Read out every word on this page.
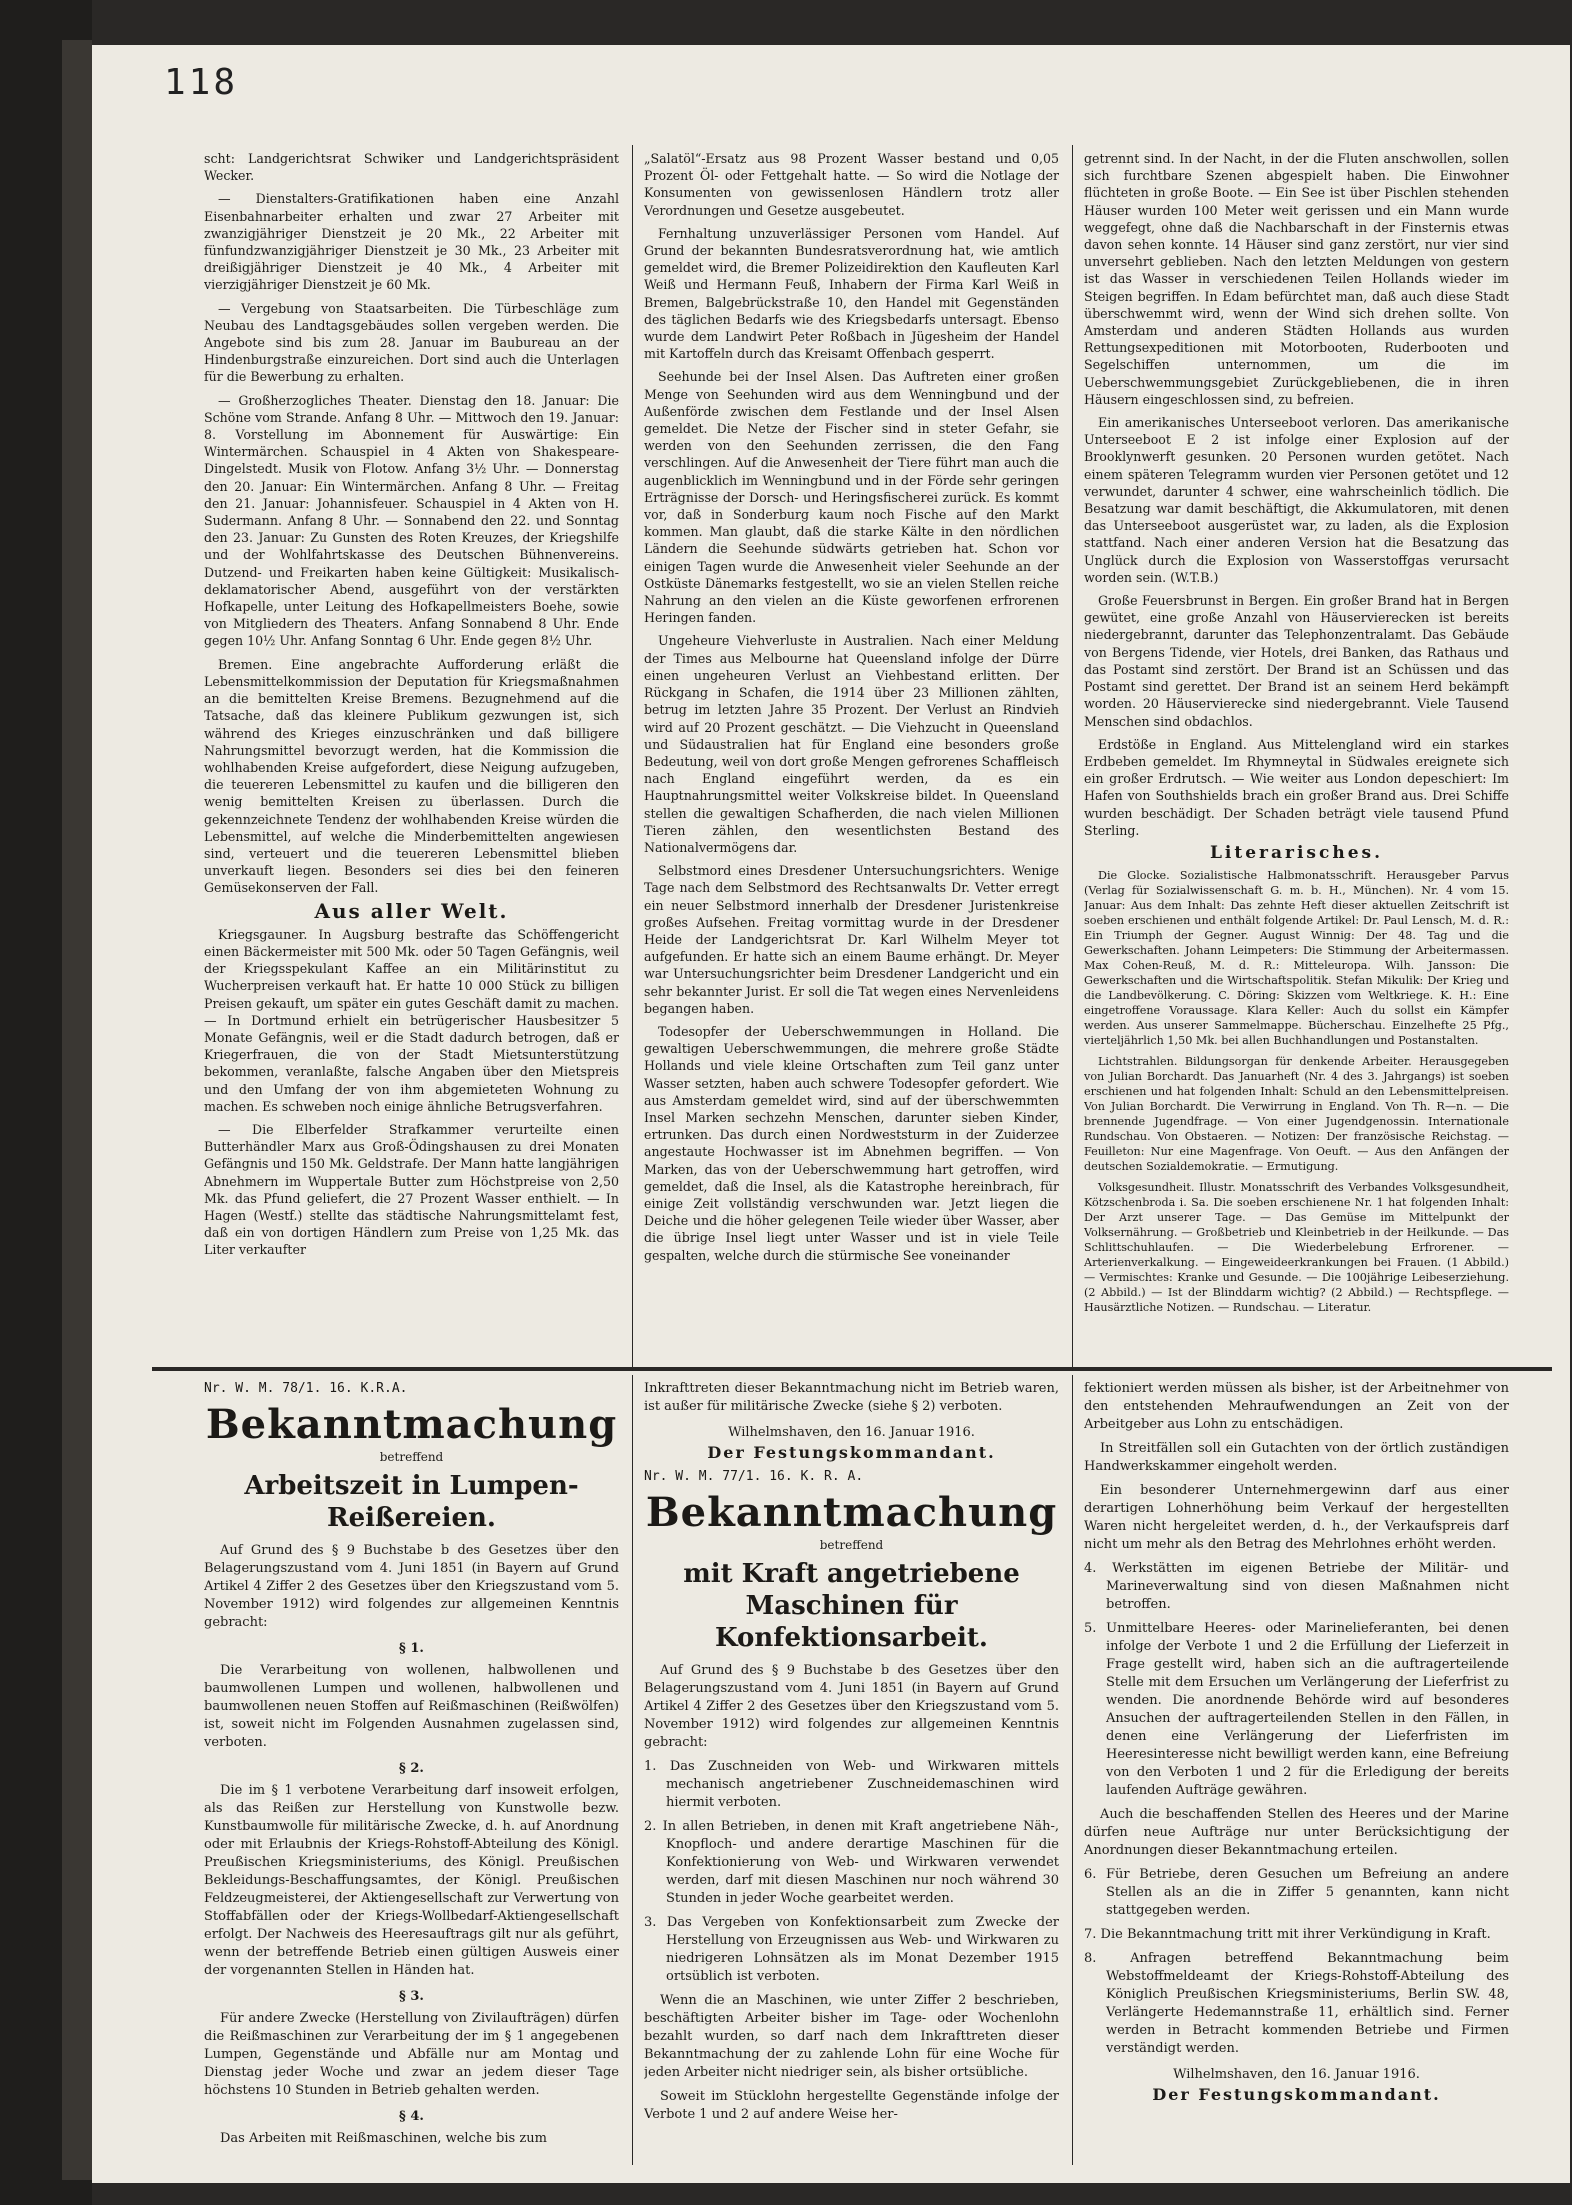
118

scht: Landgerichtsrat Schwiker und Landgerichtspräsident Wecker.

— Dienstalters-Gratifikationen haben eine Anzahl Eisenbahnarbeiter erhalten und zwar 27 Arbeiter mit zwanzigjähriger Dienstzeit je 20 Mk., 22 Arbeiter mit fünfundzwanzigjähriger Dienstzeit je 30 Mk., 23 Arbeiter mit dreißigjähriger Dienstzeit je 40 Mk., 4 Arbeiter mit vierzigjähriger Dienstzeit je 60 Mk.

— Vergebung von Staatsarbeiten. Die Türbeschläge zum Neubau des Landtagsgebäudes sollen vergeben werden. Die Angebote sind bis zum 28. Januar im Baubureau an der Hindenburgstraße einzureichen. Dort sind auch die Unterlagen für die Bewerbung zu erhalten.

— Großherzogliches Theater. Dienstag den 18. Januar: Die Schöne vom Strande. Anfang 8 Uhr. — Mittwoch den 19. Januar: 8. Vorstellung im Abonnement für Auswärtige: Ein Wintermärchen. Schauspiel in 4 Akten von Shakespeare-Dingelstedt. Musik von Flotow. Anfang 3½ Uhr. — Donnerstag den 20. Januar: Ein Wintermärchen. Anfang 8 Uhr. — Freitag den 21. Januar: Johannisfeuer. Schauspiel in 4 Akten von H. Sudermann. Anfang 8 Uhr. — Sonnabend den 22. und Sonntag den 23. Januar: Zu Gunsten des Roten Kreuzes, der Kriegshilfe und der Wohlfahrtskasse des Deutschen Bühnenvereins. Dutzend- und Freikarten haben keine Gültigkeit: Musikalisch-deklamatorischer Abend, ausgeführt von der verstärkten Hofkapelle, unter Leitung des Hofkapellmeisters Boehe, sowie von Mitgliedern des Theaters. Anfang Sonnabend 8 Uhr. Ende gegen 10½ Uhr. Anfang Sonntag 6 Uhr. Ende gegen 8½ Uhr.

Bremen. Eine angebrachte Aufforderung erläßt die Lebensmittelkommission der Deputation für Kriegsmaßnahmen an die bemittelten Kreise Bremens. Bezugnehmend auf die Tatsache, daß das kleinere Publikum gezwungen ist, sich während des Krieges einzuschränken und daß billigere Nahrungsmittel bevorzugt werden, hat die Kommission die wohlhabenden Kreise aufgefordert, diese Neigung aufzugeben, die teuereren Lebensmittel zu kaufen und die billigeren den wenig bemittelten Kreisen zu überlassen. Durch die gekennzeichnete Tendenz der wohlhabenden Kreise würden die Lebensmittel, auf welche die Minderbemittelten angewiesen sind, verteuert und die teuereren Lebensmittel blieben unverkauft liegen. Besonders sei dies bei den feineren Gemüsekonserven der Fall.

Aus aller Welt.

Kriegsgauner. In Augsburg bestrafte das Schöffengericht einen Bäckermeister mit 500 Mk. oder 50 Tagen Gefängnis, weil der Kriegsspekulant Kaffee an ein Militärinstitut zu Wucherpreisen verkauft hat. Er hatte 10 000 Stück zu billigen Preisen gekauft, um später ein gutes Geschäft damit zu machen. — In Dortmund erhielt ein betrügerischer Hausbesitzer 5 Monate Gefängnis, weil er die Stadt dadurch betrogen, daß er Kriegerfrauen, die von der Stadt Mietsunterstützung bekommen, veranlaßte, falsche Angaben über den Mietspreis und den Umfang der von ihm abgemieteten Wohnung zu machen. Es schweben noch einige ähnliche Betrugsverfahren.

— Die Elberfelder Strafkammer verurteilte einen Butterhändler Marx aus Groß-Ödingshausen zu drei Monaten Gefängnis und 150 Mk. Geldstrafe. Der Mann hatte langjährigen Abnehmern im Wuppertale Butter zum Höchstpreise von 2,50 Mk. das Pfund geliefert, die 27 Prozent Wasser enthielt. — In Hagen (Westf.) stellte das städtische Nahrungsmittelamt fest, daß ein von dortigen Händlern zum Preise von 1,25 Mk. das Liter verkaufter

„Salatöl“-Ersatz aus 98 Prozent Wasser bestand und 0,05 Prozent Öl- oder Fettgehalt hatte. — So wird die Notlage der Konsumenten von gewissenlosen Händlern trotz aller Verordnungen und Gesetze ausgebeutet.

Fernhaltung unzuverlässiger Personen vom Handel. Auf Grund der bekannten Bundesratsverordnung hat, wie amtlich gemeldet wird, die Bremer Polizeidirektion den Kaufleuten Karl Weiß und Hermann Feuß, Inhabern der Firma Karl Weiß in Bremen, Balgebrückstraße 10, den Handel mit Gegenständen des täglichen Bedarfs wie des Kriegsbedarfs untersagt. Ebenso wurde dem Landwirt Peter Roßbach in Jügesheim der Handel mit Kartoffeln durch das Kreisamt Offenbach gesperrt.

Seehunde bei der Insel Alsen. Das Auftreten einer großen Menge von Seehunden wird aus dem Wenningbund und der Außenförde zwischen dem Festlande und der Insel Alsen gemeldet. Die Netze der Fischer sind in steter Gefahr, sie werden von den Seehunden zerrissen, die den Fang verschlingen. Auf die Anwesenheit der Tiere führt man auch die augenblicklich im Wenningbund und in der Förde sehr geringen Erträgnisse der Dorsch- und Heringsfischerei zurück. Es kommt vor, daß in Sonderburg kaum noch Fische auf den Markt kommen. Man glaubt, daß die starke Kälte in den nördlichen Ländern die Seehunde südwärts getrieben hat. Schon vor einigen Tagen wurde die Anwesenheit vieler Seehunde an der Ostküste Dänemarks festgestellt, wo sie an vielen Stellen reiche Nahrung an den vielen an die Küste geworfenen erfrorenen Heringen fanden.

Ungeheure Viehverluste in Australien. Nach einer Meldung der Times aus Melbourne hat Queensland infolge der Dürre einen ungeheuren Verlust an Viehbestand erlitten. Der Rückgang in Schafen, die 1914 über 23 Millionen zählten, betrug im letzten Jahre 35 Prozent. Der Verlust an Rindvieh wird auf 20 Prozent geschätzt. — Die Viehzucht in Queensland und Südaustralien hat für England eine besonders große Bedeutung, weil von dort große Mengen gefrorenes Schaffleisch nach England eingeführt werden, da es ein Hauptnahrungsmittel weiter Volkskreise bildet. In Queensland stellen die gewaltigen Schafherden, die nach vielen Millionen Tieren zählen, den wesentlichsten Bestand des Nationalvermögens dar.

Selbstmord eines Dresdener Untersuchungsrichters. Wenige Tage nach dem Selbstmord des Rechtsanwalts Dr. Vetter erregt ein neuer Selbstmord innerhalb der Dresdener Juristenkreise großes Aufsehen. Freitag vormittag wurde in der Dresdener Heide der Landgerichtsrat Dr. Karl Wilhelm Meyer tot aufgefunden. Er hatte sich an einem Baume erhängt. Dr. Meyer war Untersuchungsrichter beim Dresdener Landgericht und ein sehr bekannter Jurist. Er soll die Tat wegen eines Nervenleidens begangen haben.

Todesopfer der Ueberschwemmungen in Holland. Die gewaltigen Ueberschwemmungen, die mehrere große Städte Hollands und viele kleine Ortschaften zum Teil ganz unter Wasser setzten, haben auch schwere Todesopfer gefordert. Wie aus Amsterdam gemeldet wird, sind auf der überschwemmten Insel Marken sechzehn Menschen, darunter sieben Kinder, ertrunken. Das durch einen Nordweststurm in der Zuiderzee angestaute Hochwasser ist im Abnehmen begriffen. — Von Marken, das von der Ueberschwemmung hart getroffen, wird gemeldet, daß die Insel, als die Katastrophe hereinbrach, für einige Zeit vollständig verschwunden war. Jetzt liegen die Deiche und die höher gelegenen Teile wieder über Wasser, aber die übrige Insel liegt unter Wasser und ist in viele Teile gespalten, welche durch die stürmische See voneinander

getrennt sind. In der Nacht, in der die Fluten anschwollen, sollen sich furchtbare Szenen abgespielt haben. Die Einwohner flüchteten in große Boote. — Ein See ist über Pischlen stehenden Häuser wurden 100 Meter weit gerissen und ein Mann wurde weggefegt, ohne daß die Nachbarschaft in der Finsternis etwas davon sehen konnte. 14 Häuser sind ganz zerstört, nur vier sind unversehrt geblieben. Nach den letzten Meldungen von gestern ist das Wasser in verschiedenen Teilen Hollands wieder im Steigen begriffen. In Edam befürchtet man, daß auch diese Stadt überschwemmt wird, wenn der Wind sich drehen sollte. Von Amsterdam und anderen Städten Hollands aus wurden Rettungsexpeditionen mit Motorbooten, Ruderbooten und Segelschiffen unternommen, um die im Ueberschwemmungsgebiet Zurückgebliebenen, die in ihren Häusern eingeschlossen sind, zu befreien.

Ein amerikanisches Unterseeboot verloren. Das amerikanische Unterseeboot E 2 ist infolge einer Explosion auf der Brooklynwerft gesunken. 20 Personen wurden getötet. Nach einem späteren Telegramm wurden vier Personen getötet und 12 verwundet, darunter 4 schwer, eine wahrscheinlich tödlich. Die Besatzung war damit beschäftigt, die Akkumulatoren, mit denen das Unterseeboot ausgerüstet war, zu laden, als die Explosion stattfand. Nach einer anderen Version hat die Besatzung das Unglück durch die Explosion von Wasserstoffgas verursacht worden sein. (W.T.B.)

Große Feuersbrunst in Bergen. Ein großer Brand hat in Bergen gewütet, eine große Anzahl von Häuservierecken ist bereits niedergebrannt, darunter das Telephonzentralamt. Das Gebäude von Bergens Tidende, vier Hotels, drei Banken, das Rathaus und das Postamt sind zerstört. Der Brand ist an Schüssen und das Postamt sind gerettet. Der Brand ist an seinem Herd bekämpft worden. 20 Häuservierecke sind niedergebrannt. Viele Tausend Menschen sind obdachlos.

Erdstöße in England. Aus Mittelengland wird ein starkes Erdbeben gemeldet. Im Rhymneytal in Südwales ereignete sich ein großer Erdrutsch. — Wie weiter aus London depeschiert: Im Hafen von Southshields brach ein großer Brand aus. Drei Schiffe wurden beschädigt. Der Schaden beträgt viele tausend Pfund Sterling.

Literarisches.

Die Glocke. Sozialistische Halbmonatsschrift. Herausgeber Parvus (Verlag für Sozialwissenschaft G. m. b. H., München). Nr. 4 vom 15. Januar: Aus dem Inhalt: Das zehnte Heft dieser aktuellen Zeitschrift ist soeben erschienen und enthält folgende Artikel: Dr. Paul Lensch, M. d. R.: Ein Triumph der Gegner. August Winnig: Der 48. Tag und die Gewerkschaften. Johann Leimpeters: Die Stimmung der Arbeitermassen. Max Cohen-Reuß, M. d. R.: Mitteleuropa. Wilh. Jansson: Die Gewerkschaften und die Wirtschaftspolitik. Stefan Mikulik: Der Krieg und die Landbevölkerung. C. Döring: Skizzen vom Weltkriege. K. H.: Eine eingetroffene Voraussage. Klara Keller: Auch du sollst ein Kämpfer werden. Aus unserer Sammelmappe. Bücherschau. Einzelhefte 25 Pfg., vierteljährlich 1,50 Mk. bei allen Buchhandlungen und Postanstalten.

Lichtstrahlen. Bildungsorgan für denkende Arbeiter. Herausgegeben von Julian Borchardt. Das Januarheft (Nr. 4 des 3. Jahrgangs) ist soeben erschienen und hat folgenden Inhalt: Schuld an den Lebensmittelpreisen. Von Julian Borchardt. Die Verwirrung in England. Von Th. R—n. — Die brennende Jugendfrage. — Von einer Jugendgenossin. Internationale Rundschau. Von Obstaeren. — Notizen: Der französische Reichstag. — Feuilleton: Nur eine Magenfrage. Von Oeuft. — Aus den Anfängen der deutschen Sozialdemokratie. — Ermutigung.

Volksgesundheit. Illustr. Monatsschrift des Verbandes Volksgesundheit, Kötzschenbroda i. Sa. Die soeben erschienene Nr. 1 hat folgenden Inhalt: Der Arzt unserer Tage. — Das Gemüse im Mittelpunkt der Volksernährung. — Großbetrieb und Kleinbetrieb in der Heilkunde. — Das Schlittschuhlaufen. — Die Wiederbelebung Erfrorener. — Arterienverkalkung. — Eingeweideerkrankungen bei Frauen. (1 Abbild.) — Vermischtes: Kranke und Gesunde. — Die 100jährige Leibeserziehung. (2 Abbild.) — Ist der Blinddarm wichtig? (2 Abbild.) — Rechtspflege. — Hausärztliche Notizen. — Rundschau. — Literatur.

Nr. W. M. 78/1. 16. K.R.A.
Bekanntmachung
betreffend
Arbeitszeit in Lumpen-Reißereien.

Auf Grund des § 9 Buchstabe b des Gesetzes über den Belagerungszustand vom 4. Juni 1851 (in Bayern auf Grund Artikel 4 Ziffer 2 des Gesetzes über den Kriegszustand vom 5. November 1912) wird folgendes zur allgemeinen Kenntnis gebracht:

§ 1.

Die Verarbeitung von wollenen, halbwollenen und baumwollenen Lumpen und wollenen, halbwollenen und baumwollenen neuen Stoffen auf Reißmaschinen (Reißwölfen) ist, soweit nicht im Folgenden Ausnahmen zugelassen sind, verboten.

§ 2.

Die im § 1 verbotene Verarbeitung darf insoweit erfolgen, als das Reißen zur Herstellung von Kunstwolle bezw. Kunstbaumwolle für militärische Zwecke, d. h. auf Anordnung oder mit Erlaubnis der Kriegs-Rohstoff-Abteilung des Königl. Preußischen Kriegsministeriums, des Königl. Preußischen Bekleidungs-Beschaffungsamtes, der Königl. Preußischen Feldzeugmeisterei, der Aktiengesellschaft zur Verwertung von Stoffabfällen oder der Kriegs-Wollbedarf-Aktiengesellschaft erfolgt. Der Nachweis des Heeresauftrags gilt nur als geführt, wenn der betreffende Betrieb einen gültigen Ausweis einer der vorgenannten Stellen in Händen hat.

§ 3.

Für andere Zwecke (Herstellung von Zivilaufträgen) dürfen die Reißmaschinen zur Verarbeitung der im § 1 angegebenen Lumpen, Gegenstände und Abfälle nur am Montag und Dienstag jeder Woche und zwar an jedem dieser Tage höchstens 10 Stunden in Betrieb gehalten werden.

§ 4.

Das Arbeiten mit Reißmaschinen, welche bis zum

Inkrafttreten dieser Bekanntmachung nicht im Betrieb waren, ist außer für militärische Zwecke (siehe § 2) verboten.

Wilhelmshaven, den 16. Januar 1916.
Der Festungskommandant.
Nr. W. M. 77/1. 16. K. R. A.
Bekanntmachung
betreffend
mit Kraft angetriebene Maschinen für Konfektionsarbeit.

Auf Grund des § 9 Buchstabe b des Gesetzes über den Belagerungszustand vom 4. Juni 1851 (in Bayern auf Grund Artikel 4 Ziffer 2 des Gesetzes über den Kriegszustand vom 5. November 1912) wird folgendes zur allgemeinen Kenntnis gebracht:

1. Das Zuschneiden von Web- und Wirkwaren mittels mechanisch angetriebener Zuschneidemaschinen wird hiermit verboten.
2. In allen Betrieben, in denen mit Kraft angetriebene Näh-, Knopfloch- und andere derartige Maschinen für die Konfektionierung von Web- und Wirkwaren verwendet werden, darf mit diesen Maschinen nur noch während 30 Stunden in jeder Woche gearbeitet werden.
3. Das Vergeben von Konfektionsarbeit zum Zwecke der Herstellung von Erzeugnissen aus Web- und Wirkwaren zu niedrigeren Lohnsätzen als im Monat Dezember 1915 ortsüblich ist verboten.

Wenn die an Maschinen, wie unter Ziffer 2 beschrieben, beschäftigten Arbeiter bisher im Tage- oder Wochenlohn bezahlt wurden, so darf nach dem Inkrafttreten dieser Bekanntmachung der zu zahlende Lohn für eine Woche für jeden Arbeiter nicht niedriger sein, als bisher ortsübliche.

Soweit im Stücklohn hergestellte Gegenstände infolge der Verbote 1 und 2 auf andere Weise her-

fektioniert werden müssen als bisher, ist der Arbeitnehmer von den entstehenden Mehraufwendungen an Zeit von der Arbeitgeber aus Lohn zu entschädigen.

In Streitfällen soll ein Gutachten von der örtlich zuständigen Handwerkskammer eingeholt werden.

Ein besonderer Unternehmergewinn darf aus einer derartigen Lohnerhöhung beim Verkauf der hergestellten Waren nicht hergeleitet werden, d. h., der Verkaufspreis darf nicht um mehr als den Betrag des Mehrlohnes erhöht werden.

4. Werkstätten im eigenen Betriebe der Militär- und Marineverwaltung sind von diesen Maßnahmen nicht betroffen.
5. Unmittelbare Heeres- oder Marinelieferanten, bei denen infolge der Verbote 1 und 2 die Erfüllung der Lieferzeit in Frage gestellt wird, haben sich an die auftragerteilende Stelle mit dem Ersuchen um Verlängerung der Lieferfrist zu wenden. Die anordnende Behörde wird auf besonderes Ansuchen der auftragerteilenden Stellen in den Fällen, in denen eine Verlängerung der Lieferfristen im Heeresinteresse nicht bewilligt werden kann, eine Befreiung von den Verboten 1 und 2 für die Erledigung der bereits laufenden Aufträge gewähren.

Auch die beschaffenden Stellen des Heeres und der Marine dürfen neue Aufträge nur unter Berücksichtigung der Anordnungen dieser Bekanntmachung erteilen.

6. Für Betriebe, deren Gesuchen um Befreiung an andere Stellen als an die in Ziffer 5 genannten, kann nicht stattgegeben werden.
7. Die Bekanntmachung tritt mit ihrer Verkündigung in Kraft.
8. Anfragen betreffend Bekanntmachung beim Webstoffmeldeamt der Kriegs-Rohstoff-Abteilung des Königlich Preußischen Kriegsministeriums, Berlin SW. 48, Verlängerte Hedemannstraße 11, erhältlich sind. Ferner werden in Betracht kommenden Betriebe und Firmen verständigt werden.
Wilhelmshaven, den 16. Januar 1916.
Der Festungskommandant.
